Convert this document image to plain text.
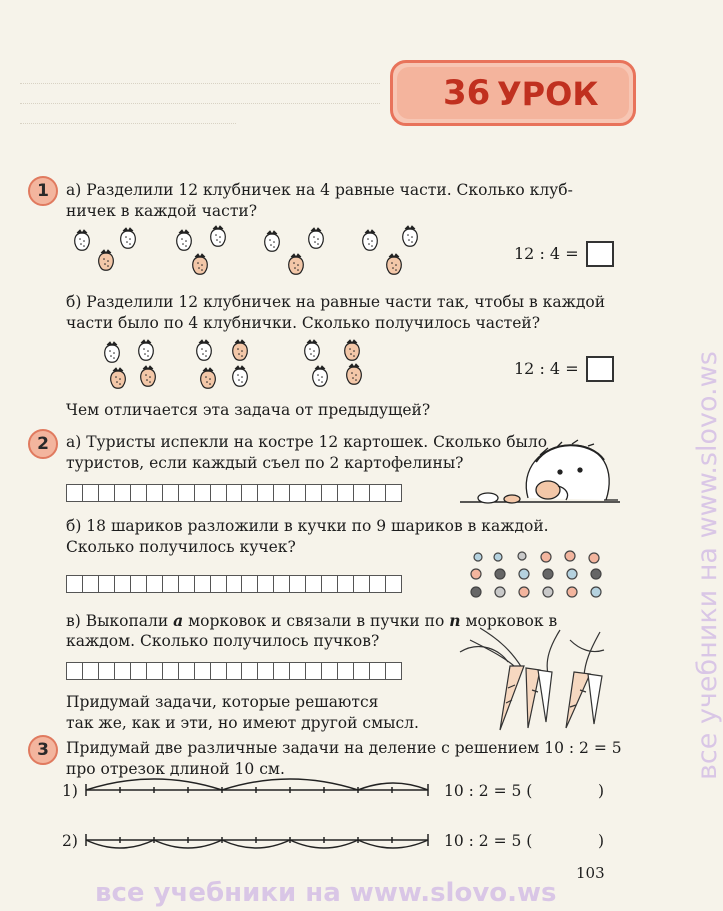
36 УРОК
1	а) Разделили 12 клубничек на 4 равные части. Сколько клуб-
ничек в каждой части?
12 : 4 =
б) Разделили 12 клубничек на равные части так, чтобы в каждой
части было по 4 клубнички. Сколько получилось частей?
12 : 4 =
Чем отличается эта задача от предыдущей?
2	а) Туристы испекли на костре 12 картошек. Сколько было
туристов, если каждый съел по 2 картофелины?
б) 18 шариков разложили в кучки по 9 шариков в каждой.
Сколько получилось кучек?
в) Выкопали a морковок и связали в пучки по n морковок в
каждом. Сколько получилось пучков?
Придумай задачи, которые решаются
так же, как и эти, но имеют другой смысл.
3	Придумай две различные задачи на деление с решением 10 : 2 = 5
про отрезок длиной 10 см.
1)	10 : 2 = 5 (	)
2)	10 : 2 = 5 (	)
103
все учебники на www.slovo.ws
все учебники на www.slovo.ws
